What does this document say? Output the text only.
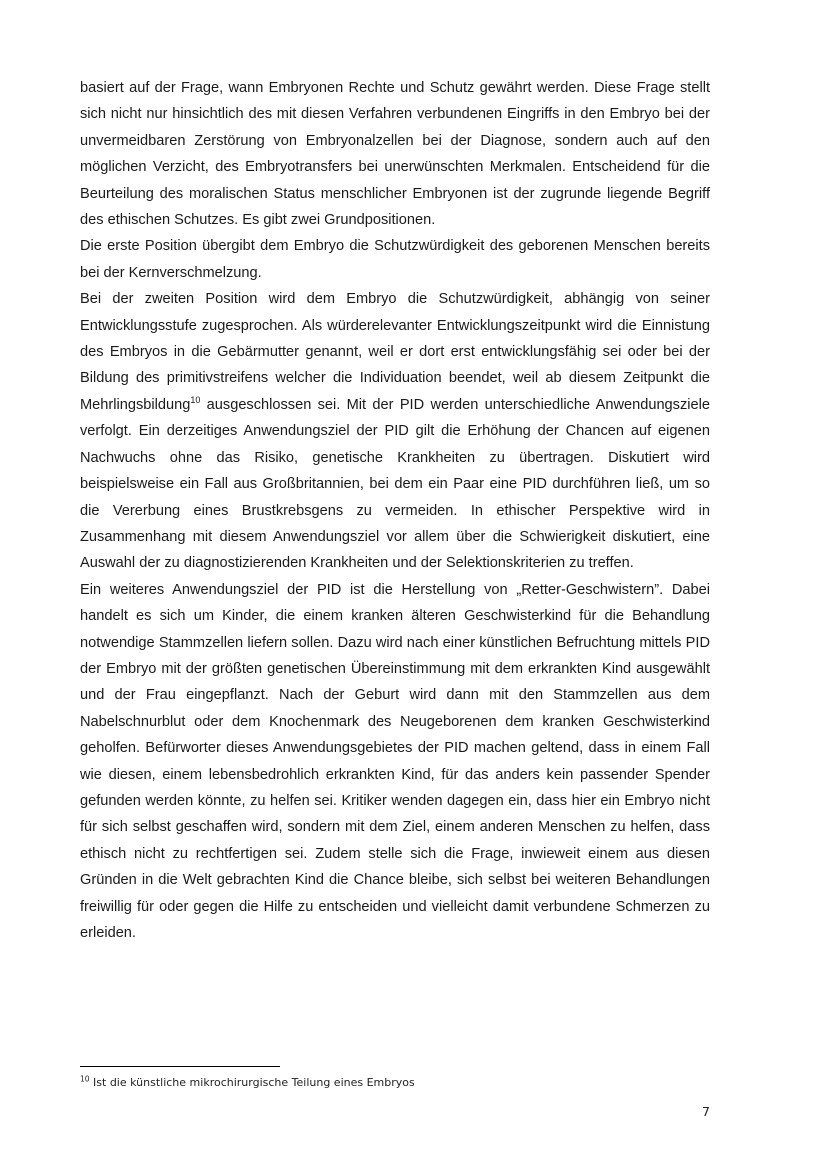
basiert auf der Frage, wann Embryonen Rechte und Schutz gewährt werden. Diese Frage stellt sich nicht nur hinsichtlich des mit diesen Verfahren verbundenen Eingriffs in den Embryo bei der unvermeidbaren Zerstörung von Embryonalzellen bei der Diagnose, sondern auch auf den möglichen Verzicht, des Embryotransfers bei unerwünschten Merkmalen. Entscheidend für die Beurteilung des moralischen Status menschlicher Embryonen ist der zugrunde liegende Begriff des ethischen Schutzes. Es gibt zwei Grundpositionen.

Die erste Position übergibt dem Embryo die Schutzwürdigkeit des geborenen Menschen bereits bei der Kernverschmelzung.

Bei der zweiten Position wird dem Embryo die Schutzwürdigkeit, abhängig von seiner Entwicklungsstufe zugesprochen. Als würderelevanter Entwicklungszeitpunkt wird die Einnistung des Embryos in die Gebärmutter genannt, weil er dort erst entwicklungsfähig sei oder bei der Bildung des primitivstreifens welcher die Individuation beendet, weil ab diesem Zeitpunkt die Mehrlingsbildung$^{10}$ ausgeschlossen sei. Mit der PID werden unterschiedliche Anwendungsziele verfolgt. Ein derzeitiges Anwendungsziel der PID gilt die Erhöhung der Chancen auf eigenen Nachwuchs ohne das Risiko, genetische Krankheiten zu übertragen. Diskutiert wird beispielsweise ein Fall aus Großbritannien, bei dem ein Paar eine PID durchführen ließ, um so die Vererbung eines Brustkrebsgens zu vermeiden. In ethischer Perspektive wird in Zusammenhang mit diesem Anwendungsziel vor allem über die Schwierigkeit diskutiert, eine Auswahl der zu diagnostizierenden Krankheiten und der Selektionskriterien zu treffen.

Ein weiteres Anwendungsziel der PID ist die Herstellung von „Retter-Geschwistern”. Dabei handelt es sich um Kinder, die einem kranken älteren Geschwisterkind für die Behandlung notwendige Stammzellen liefern sollen. Dazu wird nach einer künstlichen Befruchtung mittels PID der Embryo mit der größten genetischen Übereinstimmung mit dem erkrankten Kind ausgewählt und der Frau eingepflanzt. Nach der Geburt wird dann mit den Stammzellen aus dem Nabelschnurblut oder dem Knochenmark des Neugeborenen dem kranken Geschwisterkind geholfen. Befürworter dieses Anwendungsgebietes der PID machen geltend, dass in einem Fall wie diesen, einem lebensbedrohlich erkrankten Kind, für das anders kein passender Spender gefunden werden könnte, zu helfen sei. Kritiker wenden dagegen ein, dass hier ein Embryo nicht für sich selbst geschaffen wird, sondern mit dem Ziel, einem anderen Menschen zu helfen, dass ethisch nicht zu rechtfertigen sei. Zudem stelle sich die Frage, inwieweit einem aus diesen Gründen in die Welt gebrachten Kind die Chance bleibe, sich selbst bei weiteren Behandlungen freiwillig für oder gegen die Hilfe zu entscheiden und vielleicht damit verbundene Schmerzen zu erleiden.

$^{10}$ Ist die künstliche mikrochirurgische Teilung eines Embryos
7
